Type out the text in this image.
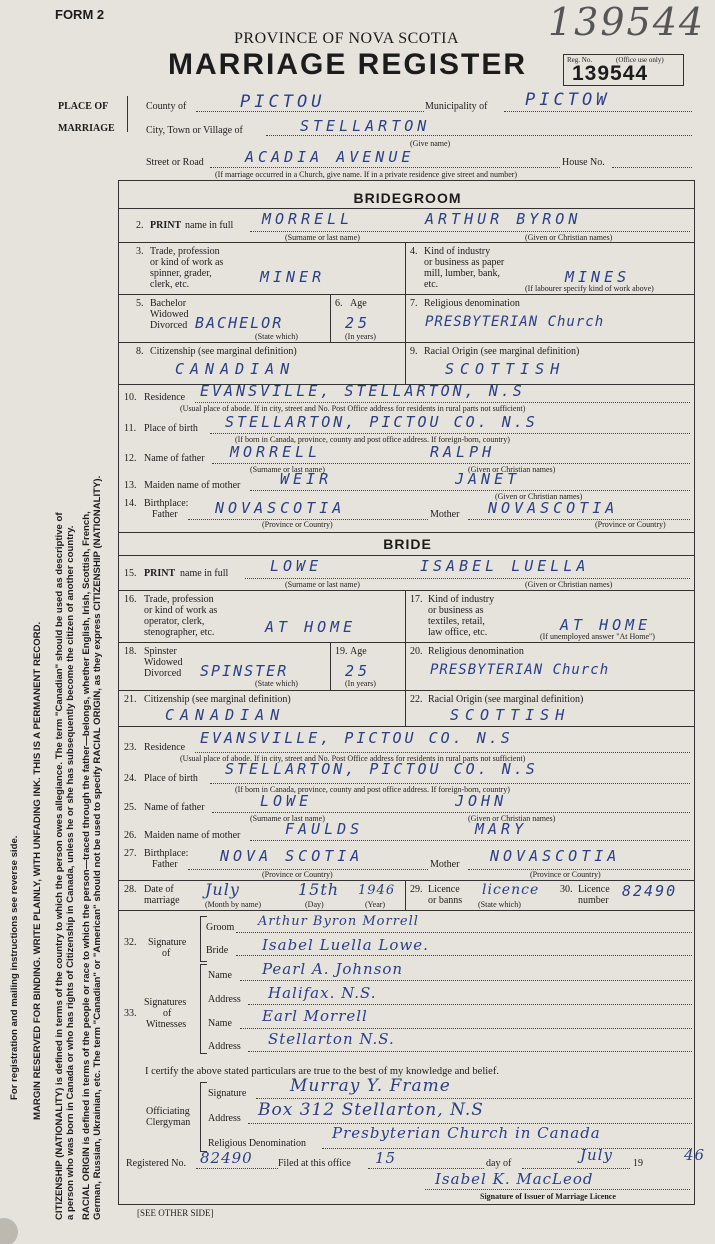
For registration and mailing instructions see reverse side. MARGIN RESERVED FOR BINDING. WRITE PLAINLY, WITH UNFADING INK. THIS IS A PERMANENT RECORD. CITIZENSHIP (NATIONALITY) is defined in terms of the country to which the person owes allegiance. The term "Canadian" should be used as descriptive of a person who was born in Canada or who has rights of Citizenship in Canada, unless he or she has subsequently become the citizen of another country. RACIAL ORIGIN is defined in terms of the people or race to which the person—traced through the father—belongs, whether English, Irish, Scottish, French, German, Russian, Ukrainian, etc. The term "Canadian" or "American" should not be used to specify RACIAL ORIGIN, as they express CITIZENSHIP (NATIONALITY).
FORM 2	139544
PROVINCE OF NOVA SCOTIA
MARRIAGE REGISTER	Reg. No.	(Office use only)
139544
PLACE OF
MARRIAGE
County of	PICTOU	Municipality of PICTOW
City, Town or Village of	STELLARTON
(Give name)
Street or Road	ACADIA AVENUE	House No.
(If marriage occurred in a Church, give name. If in a private residence give street and number)
BRIDEGROOM
2. PRINT name in full MORRELL	ARTHUR BYRON
(Surname or last name)	(Given or Christian names)
3. Trade, profession
or kind of work as
spinner, grader,
clerk, etc.	MINER
4. Kind of industry
or business as paper
mill, lumber, bank,
etc.	MINES
(If labourer specify kind of work above)
5. Bachelor
Widowed
Divorced BACHELOR
(State which)
6. Age
25
(In years)
7. Religious denomination
PRESBYTERIAN Church
8. Citizenship (see marginal definition)
CANADIAN
9. Racial Origin (see marginal definition)
SCOTTISH
10. Residence EVANSVILLE, STELLARTON, N.S
(Usual place of abode. If in city, street and No. Post Office address for residents in rural parts not sufficient)
11. Place of birth STELLARTON, PICTOU CO. N.S
(If born in Canada, province, county and post office address. If foreign-born, country)
12. Name of father MORRELL	RALPH
(Surname or last name)	(Given or Christian names)
13. Maiden name of mother	WEIR	JANET
(Given or Christian names)
14. Birthplace:
Father NOVASCOTIA	Mother NOVASCOTIA
(Province or Country)	(Province or Country)
BRIDE
15. PRINT name in full	LOWE	ISABEL LUELLA
(Surname or last name)	(Given or Christian names)
16. Trade, profession
or kind of work as
operator, clerk,
stenographer, etc.	AT HOME
17. Kind of industry
or business as
textiles, retail,
law office, etc.	AT HOME
(If unemployed answer "At Home")
18. Spinster
Widowed
Divorced SPINSTER
(State which)
19. Age
25
(In years)
20. Religious denomination
PRESBYTERIAN Church
21. Citizenship (see marginal definition)
CANADIAN
22. Racial Origin (see marginal definition)
SCOTTISH
23. Residence
EVANSVILLE, PICTOU CO. N.S
(Usual place of abode. If in city, street and No. Post Office address for residents in rural parts not sufficient)
24. Place of birth
STELLARTON, PICTOU CO. N.S
(If born in Canada, province, county and post office address. If foreign-born, country)
25. Name of father	LOWE	JOHN
(Surname or last name)	(Given or Christian names)
26. Maiden name of mother	FAULDS	MARY
27. Birthplace:
Father	NOVA SCOTIA	Mother NOVASCOTIA
(Province or Country)	(Province or Country)
28. Date of
marriage
July	15th 1946
(Month by name)	(Day)	(Year)
29. Licence
or banns
licence
(State which)
30. Licence
number
82490
32. Signature
of
Groom Arthur Byron Morrell
Bride Isabel Luella Lowe.
33.
Signatures
of
Witnesses
Name Pearl A. Johnson
Address Halifax. N.S.
Name Earl Morrell
Address Stellarton N.S.
I certify the above stated particulars are true to the best of my knowledge and belief.
Officiating
Clergyman
Signature	Murray Y. Frame
Address Box 312 Stellarton, N.S
Religious Denomination
Presbyterian Church in Canada
Registered No. 82490	Filed at this office 15	day of	July 19	46
Isabel K. MacLeod
Signature of Issuer of Marriage Licence
[SEE OTHER SIDE]
